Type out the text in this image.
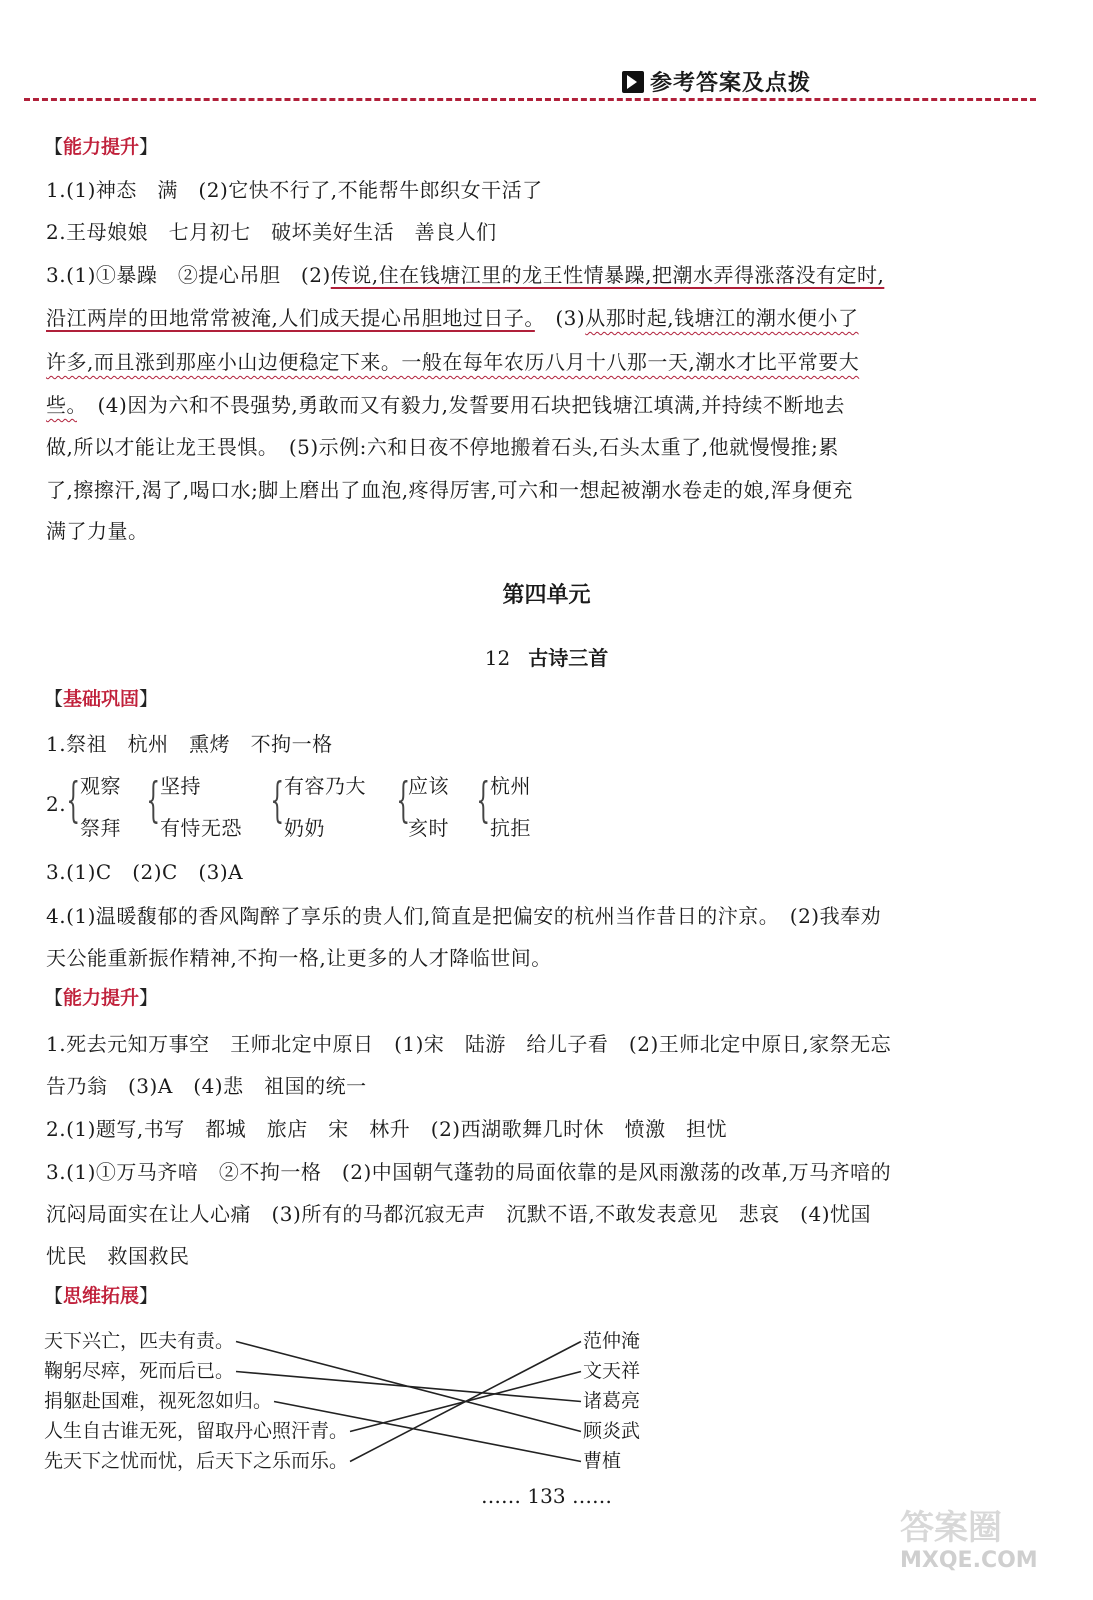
参考答案及点拨
【能力提升】
1.(1)神态　满　(2)它快不行了,不能帮牛郎织女干活了
2.王母娘娘　七月初七　破坏美好生活　善良人们
3.(1)①暴躁　②提心吊胆　(2)传说,住在钱塘江里的龙王性情暴躁,把潮水弄得涨落没有定时,
沿江两岸的田地常常被淹,人们成天提心吊胆地过日子。　(3)从那时起,钱塘江的潮水便小了
许多,而且涨到那座小山边便稳定下来。一般在每年农历八月十八那一天,潮水才比平常要大
些。　(4)因为六和不畏强势,勇敢而又有毅力,发誓要用石块把钱塘江填满,并持续不断地去
做,所以才能让龙王畏惧。　(5)示例:六和日夜不停地搬着石头,石头太重了,他就慢慢推;累
了,擦擦汗,渴了,喝口水;脚上磨出了血泡,疼得厉害,可六和一想起被潮水卷走的娘,浑身便充
满了力量。
第四单元
12 古诗三首
【基础巩固】
1.祭祖　杭州　熏烤　不拘一格
2. { 观察
祭拜 { 坚持
有恃无恐 { 有容乃大
奶奶 {
应该
亥时 { 杭州
抗拒
3.(1)C　(2)C　(3)A
4.(1)温暖馥郁的香风陶醉了享乐的贵人们,简直是把偏安的杭州当作昔日的汴京。　(2)我奉劝
天公能重新振作精神,不拘一格,让更多的人才降临世间。
【能力提升】
1.死去元知万事空　王师北定中原日　(1)宋　陆游　给儿子看　(2)王师北定中原日,家祭无忘
告乃翁　(3)A　(4)悲　祖国的统一
2.(1)题写,书写　都城　旅店　宋　林升　(2)西湖歌舞几时休　愤激　担忧
3.(1)①万马齐喑　②不拘一格　(2)中国朝气蓬勃的局面依靠的是风雨激荡的改革,万马齐喑的
沉闷局面实在让人心痛　(3)所有的马都沉寂无声　沉默不语,不敢发表意见　悲哀　(4)忧国
忧民　救国救民
【思维拓展】
天下兴亡，匹夫有责。
鞠躬尽瘁，死而后已。
捐躯赴国难，视死忽如归。
人生自古谁无死，留取丹心照汗青。
先天下之忧而忧，后天下之乐而乐。
范仲淹
文天祥
诸葛亮
顾炎武
曹植
…… 133 ……
答案圈
MXQE.COM
